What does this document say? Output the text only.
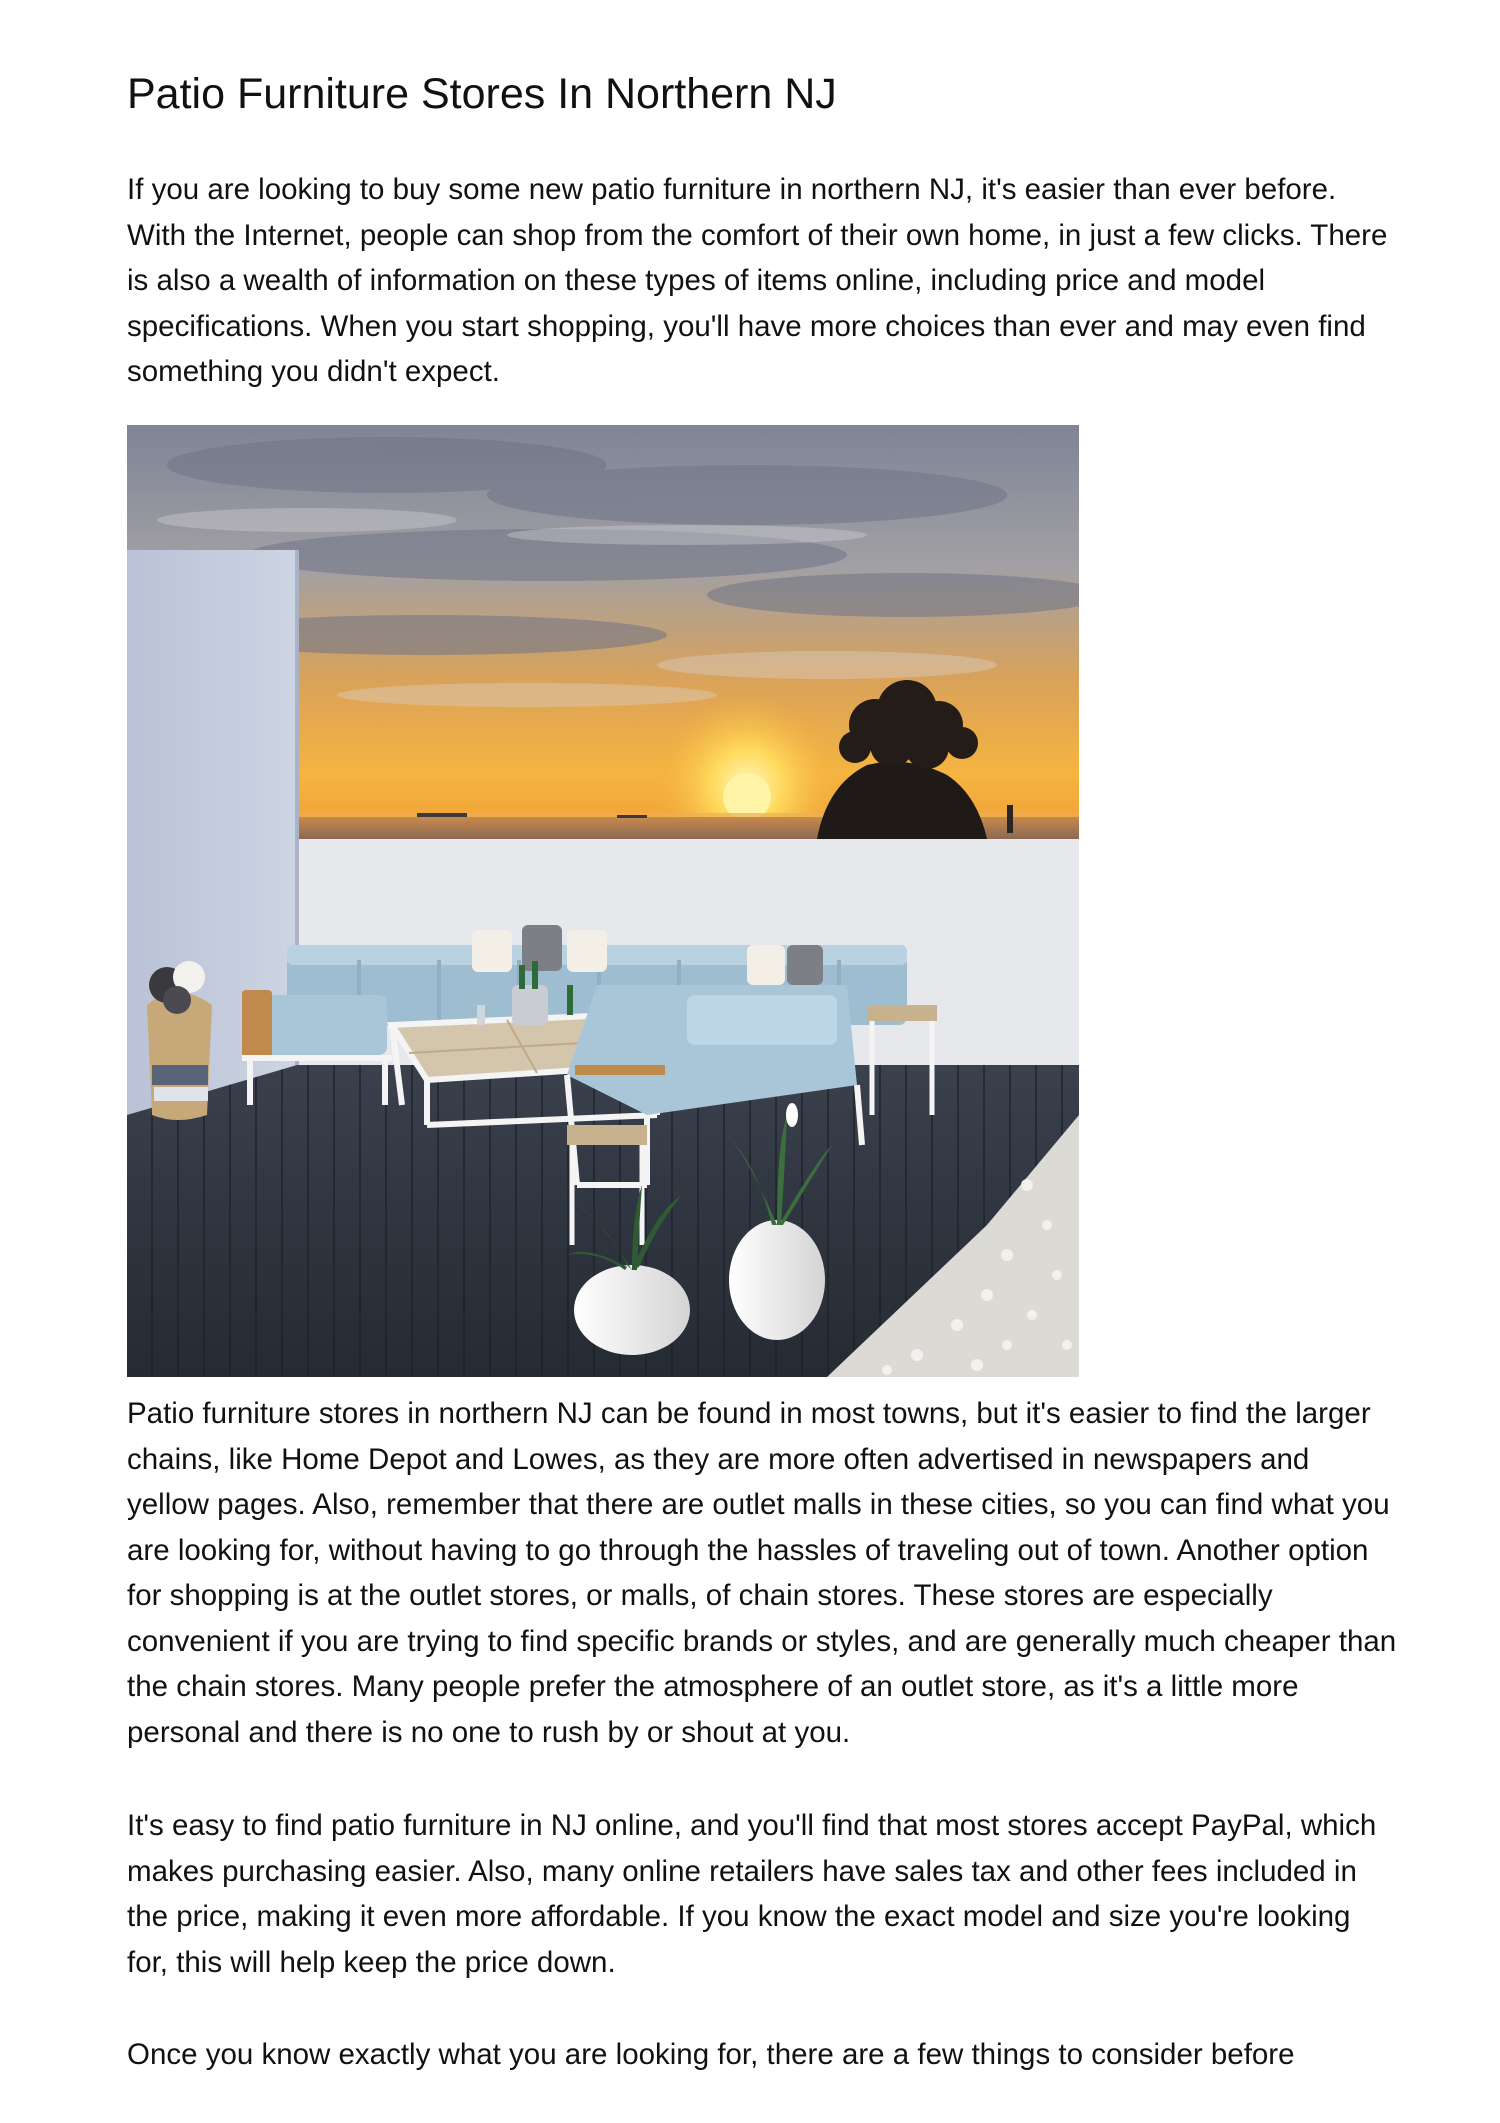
Patio Furniture Stores In Northern NJ

If you are looking to buy some new patio furniture in northern NJ, it's easier than ever before. With the Internet, people can shop from the comfort of their own home, in just a few clicks. There is also a wealth of information on these types of items online, including price and model specifications. When you start shopping, you'll have more choices than ever and may even find something you didn't expect.

Patio furniture stores in northern NJ can be found in most towns, but it's easier to find the larger chains, like Home Depot and Lowes, as they are more often advertised in newspapers and yellow pages. Also, remember that there are outlet malls in these cities, so you can find what you are looking for, without having to go through the hassles of traveling out of town. Another option for shopping is at the outlet stores, or malls, of chain stores. These stores are especially convenient if you are trying to find specific brands or styles, and are generally much cheaper than the chain stores. Many people prefer the atmosphere of an outlet store, as it's a little more personal and there is no one to rush by or shout at you.

It's easy to find patio furniture in NJ online, and you'll find that most stores accept PayPal, which makes purchasing easier. Also, many online retailers have sales tax and other fees included in the price, making it even more affordable. If you know the exact model and size you're looking for, this will help keep the price down.

Once you know exactly what you are looking for, there are a few things to consider before
